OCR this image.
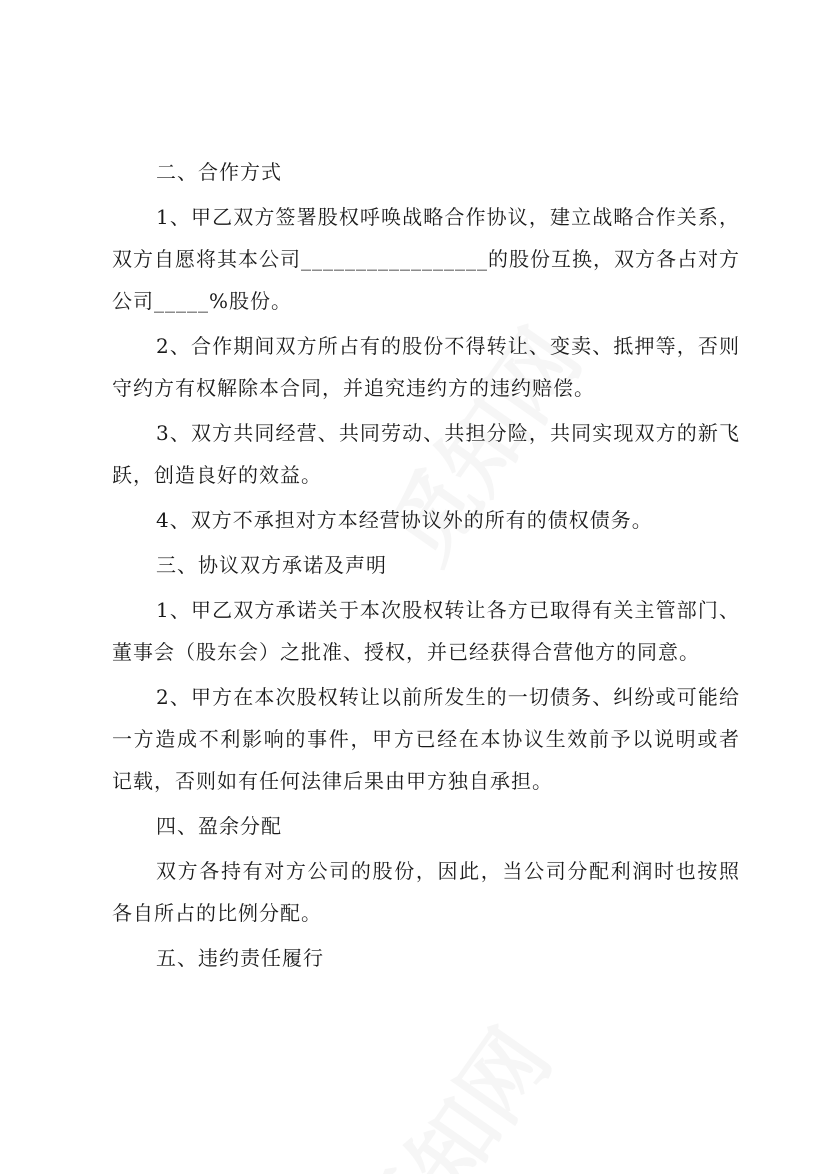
二、合作方式

1、甲乙双方签署股权呼唤战略合作协议，建立战略合作关系，双方自愿将其本公司_________________的股份互换，双方各占对方公司_____%股份。

2、合作期间双方所占有的股份不得转让、变卖、抵押等，否则守约方有权解除本合同，并追究违约方的违约赔偿。

3、双方共同经营、共同劳动、共担分险，共同实现双方的新飞跃，创造良好的效益。

4、双方不承担对方本经营协议外的所有的债权债务。

三、协议双方承诺及声明

1、甲乙双方承诺关于本次股权转让各方已取得有关主管部门、董事会（股东会）之批准、授权，并已经获得合营他方的同意。

2、甲方在本次股权转让以前所发生的一切债务、纠纷或可能给一方造成不利影响的事件，甲方已经在本协议生效前予以说明或者记载，否则如有任何法律后果由甲方独自承担。

四、盈余分配

双方各持有对方公司的股份，因此，当公司分配利润时也按照各自所占的比例分配。

五、违约责任履行
